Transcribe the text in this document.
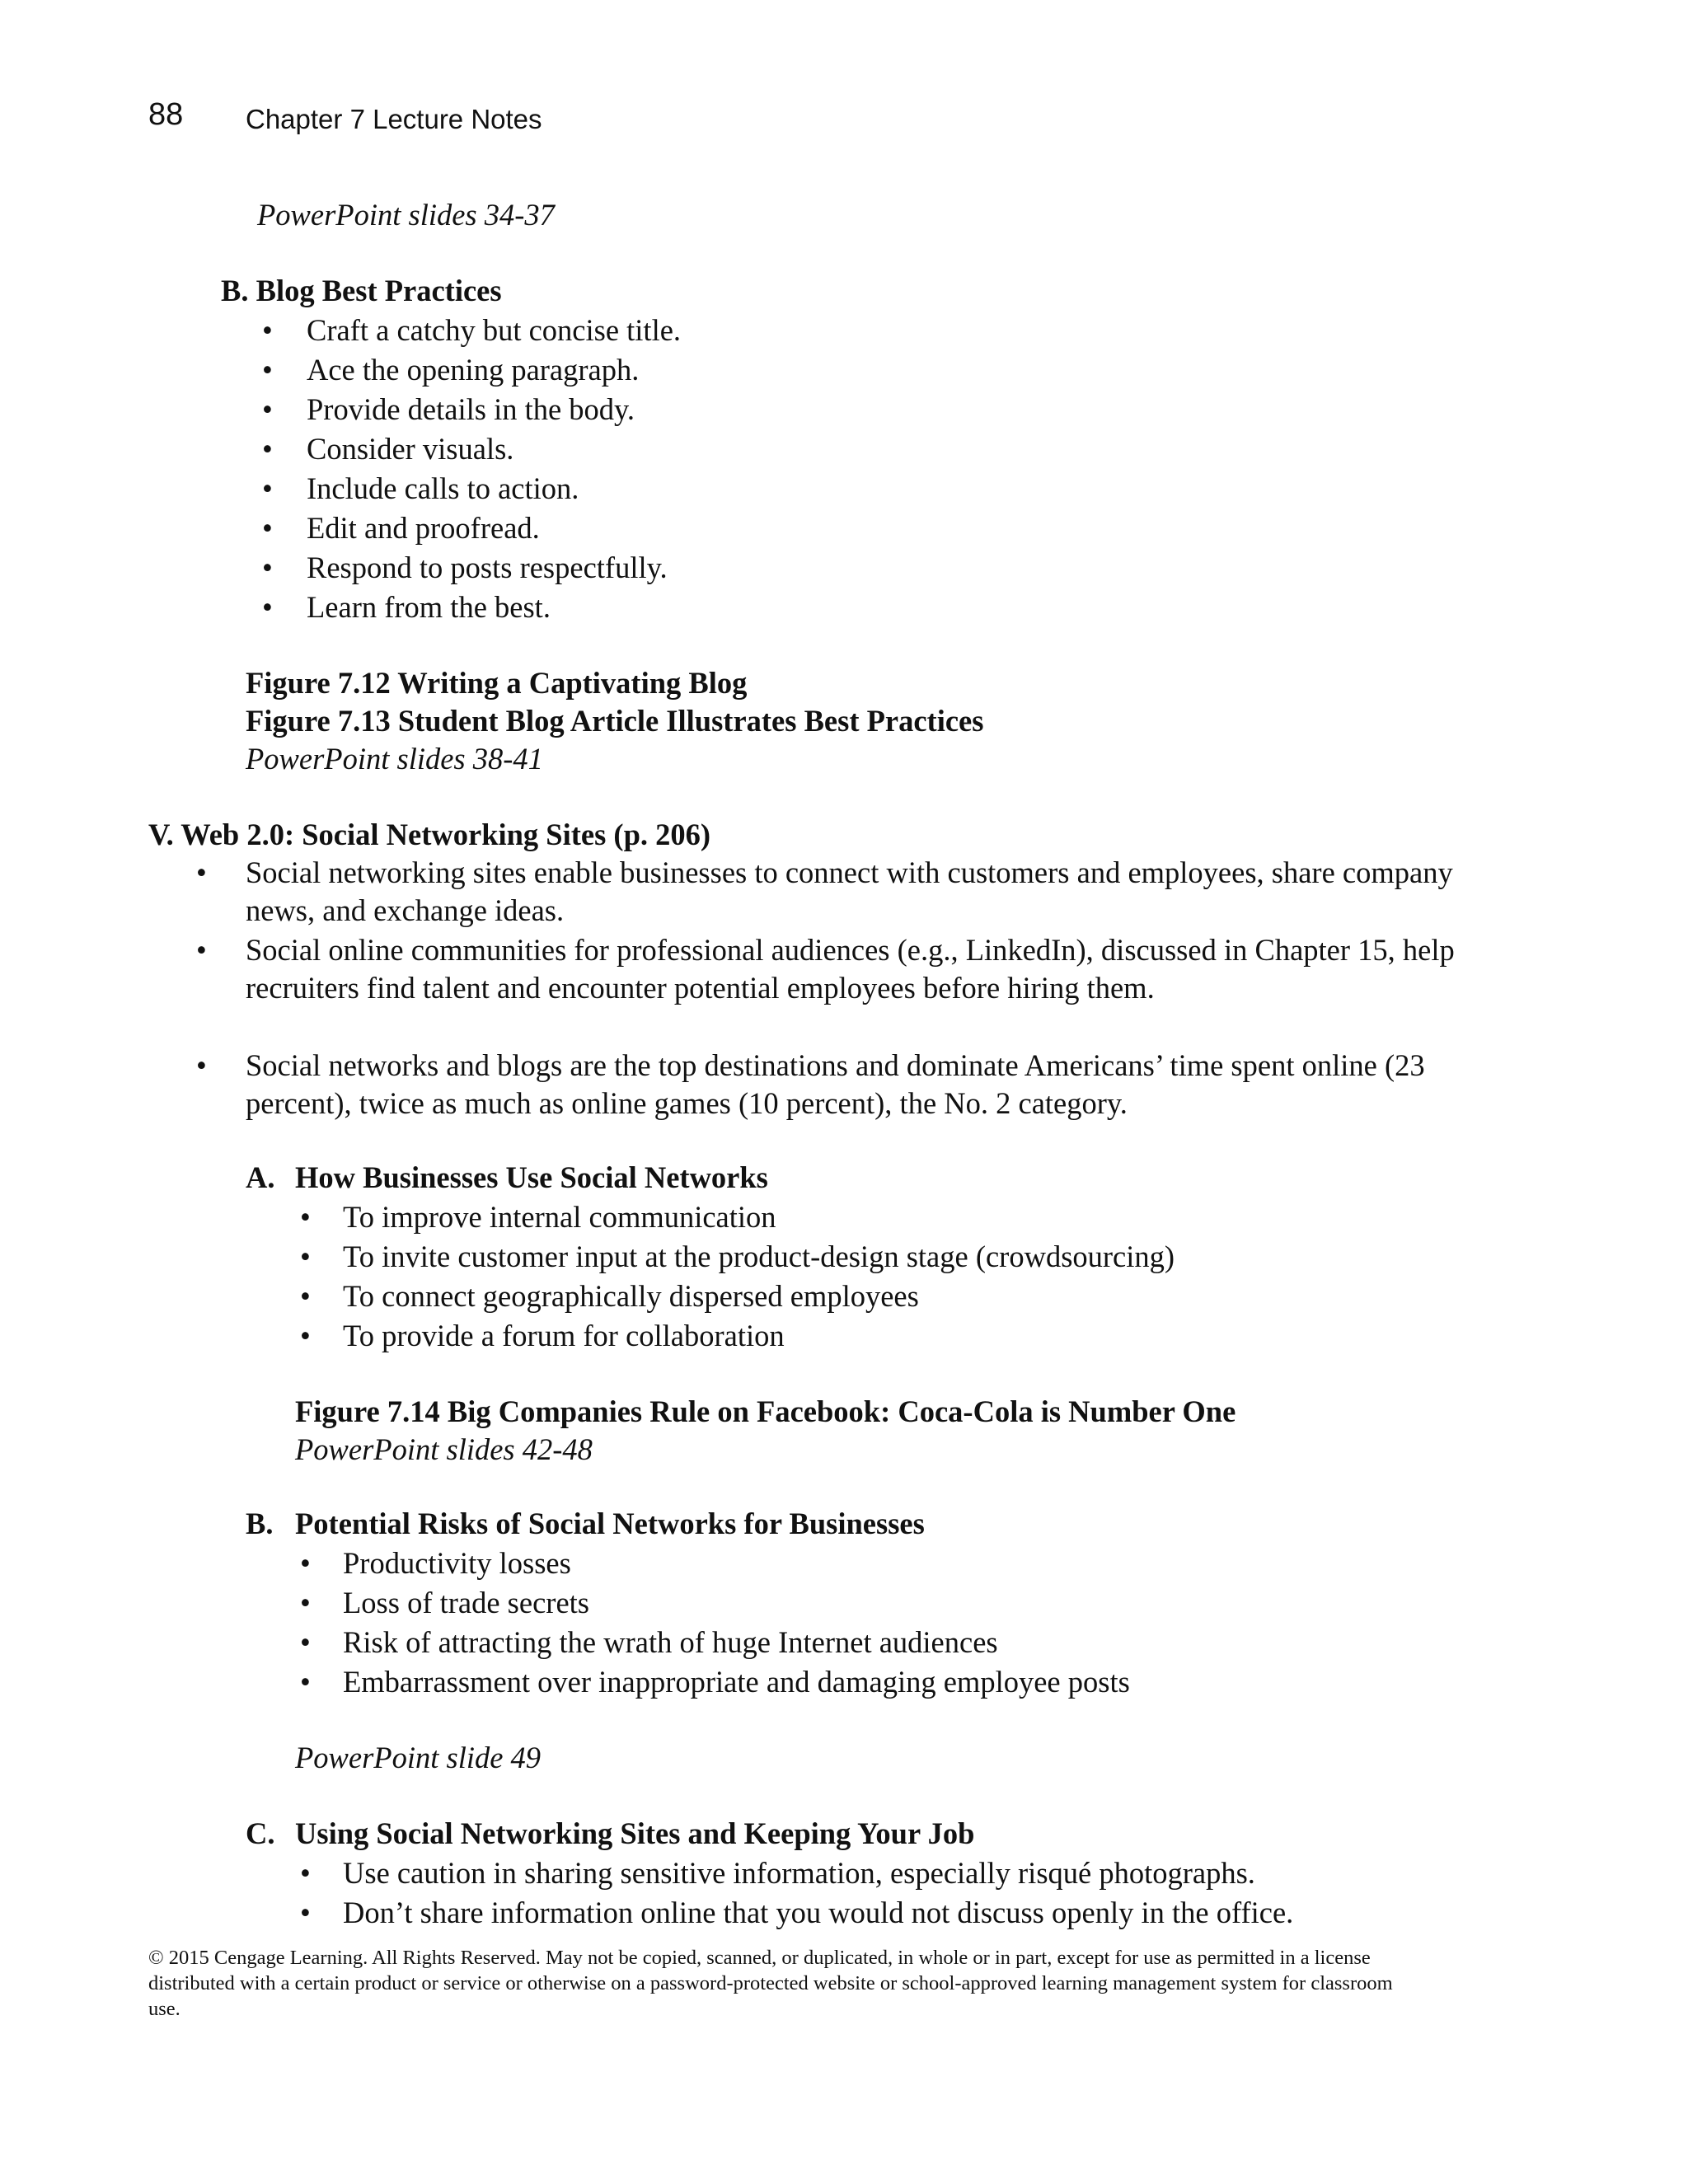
88 Chapter 7 Lecture Notes
PowerPoint slides 34-37
B. Blog Best Practices
•	Craft a catchy but concise title.
•	Ace the opening paragraph.
•	Provide details in the body.
•	Consider visuals.
•	Include calls to action.
•	Edit and proofread.
•	Respond to posts respectfully.
•	Learn from the best.
Figure 7.12 Writing a Captivating Blog
Figure 7.13 Student Blog Article Illustrates Best Practices
PowerPoint slides 38-41
V. Web 2.0: Social Networking Sites (p. 206)
•	Social networking sites enable businesses to connect with customers and employees, share company news, and exchange ideas.
•	Social online communities for professional audiences (e.g., LinkedIn), discussed in Chapter 15, help recruiters find talent and encounter potential employees before hiring them.
•	Social networks and blogs are the top destinations and dominate Americans’ time spent online (23 percent), twice as much as online games (10 percent), the No. 2 category.
A. How Businesses Use Social Networks
•	To improve internal communication
•	To invite customer input at the product-design stage (crowdsourcing)
•	To connect geographically dispersed employees
•	To provide a forum for collaboration
Figure 7.14 Big Companies Rule on Facebook: Coca-Cola is Number One
PowerPoint slides 42-48
B. Potential Risks of Social Networks for Businesses
•	Productivity losses
•	Loss of trade secrets
•	Risk of attracting the wrath of huge Internet audiences
•	Embarrassment over inappropriate and damaging employee posts
PowerPoint slide 49
C. Using Social Networking Sites and Keeping Your Job
•	Use caution in sharing sensitive information, especially risqué photographs.
•	Don’t share information online that you would not discuss openly in the office.
© 2015 Cengage Learning. All Rights Reserved. May not be copied, scanned, or duplicated, in whole or in part, except for use as permitted in a license distributed with a certain product or service or otherwise on a password-protected website or school-approved learning management system for classroom use.
